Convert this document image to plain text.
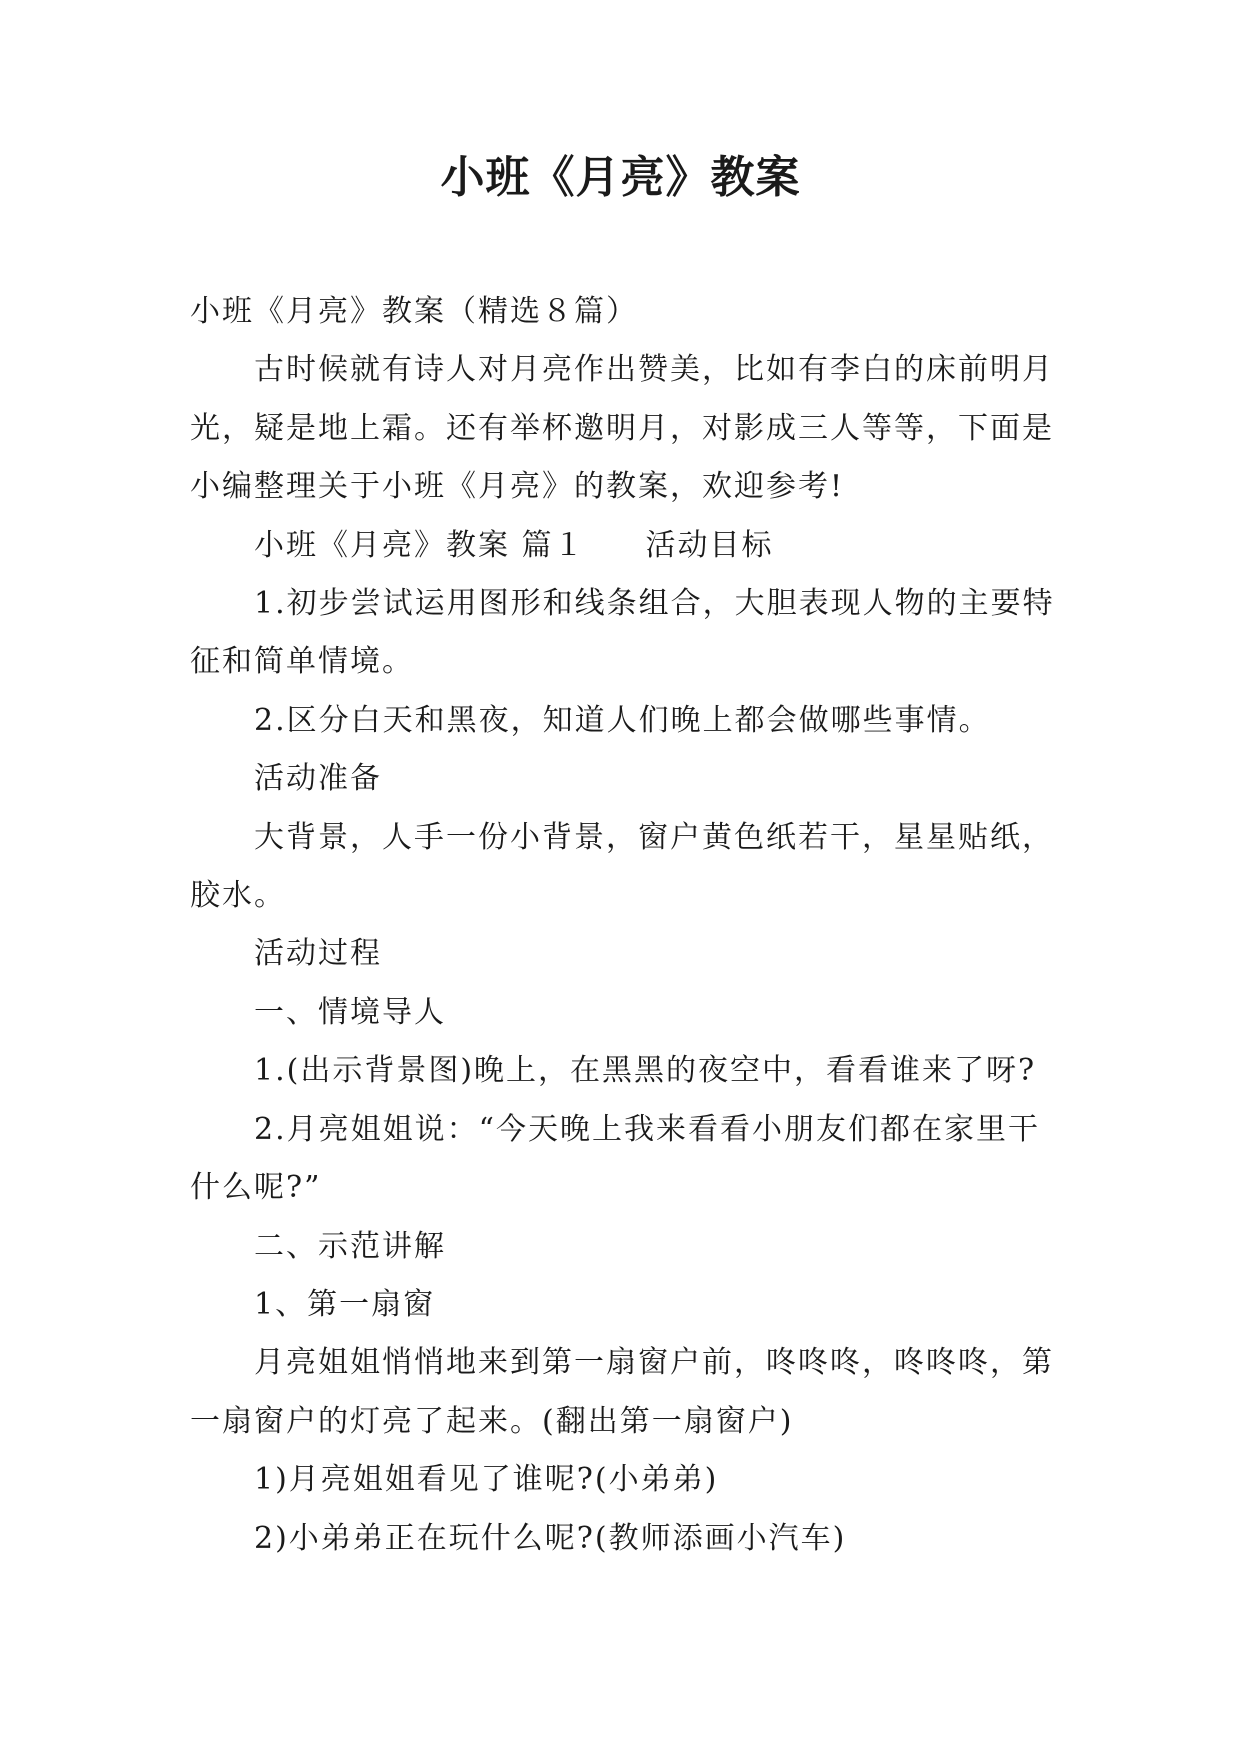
小班《月亮》教案

小班《月亮》教案（精选８篇）

古时候就有诗人对月亮作出赞美，比如有李白的床前明月光，疑是地上霜。还有举杯邀明月，对影成三人等等，下面是小编整理关于小班《月亮》的教案，欢迎参考!

小班《月亮》教案 篇１ 活动目标

1.初步尝试运用图形和线条组合，大胆表现人物的主要特征和简单情境。

2.区分白天和黑夜，知道人们晚上都会做哪些事情。

活动准备

大背景，人手一份小背景，窗户黄色纸若干，星星贴纸，胶水。

活动过程

一、情境导人

1.(出示背景图)晚上，在黑黑的夜空中，看看谁来了呀?

2.月亮姐姐说：“今天晚上我来看看小朋友们都在家里干什么呢?”

二、示范讲解

1、第一扇窗

月亮姐姐悄悄地来到第一扇窗户前，咚咚咚，咚咚咚，第一扇窗户的灯亮了起来。(翻出第一扇窗户)

1)月亮姐姐看见了谁呢?(小弟弟)

2)小弟弟正在玩什么呢?(教师添画小汽车)
